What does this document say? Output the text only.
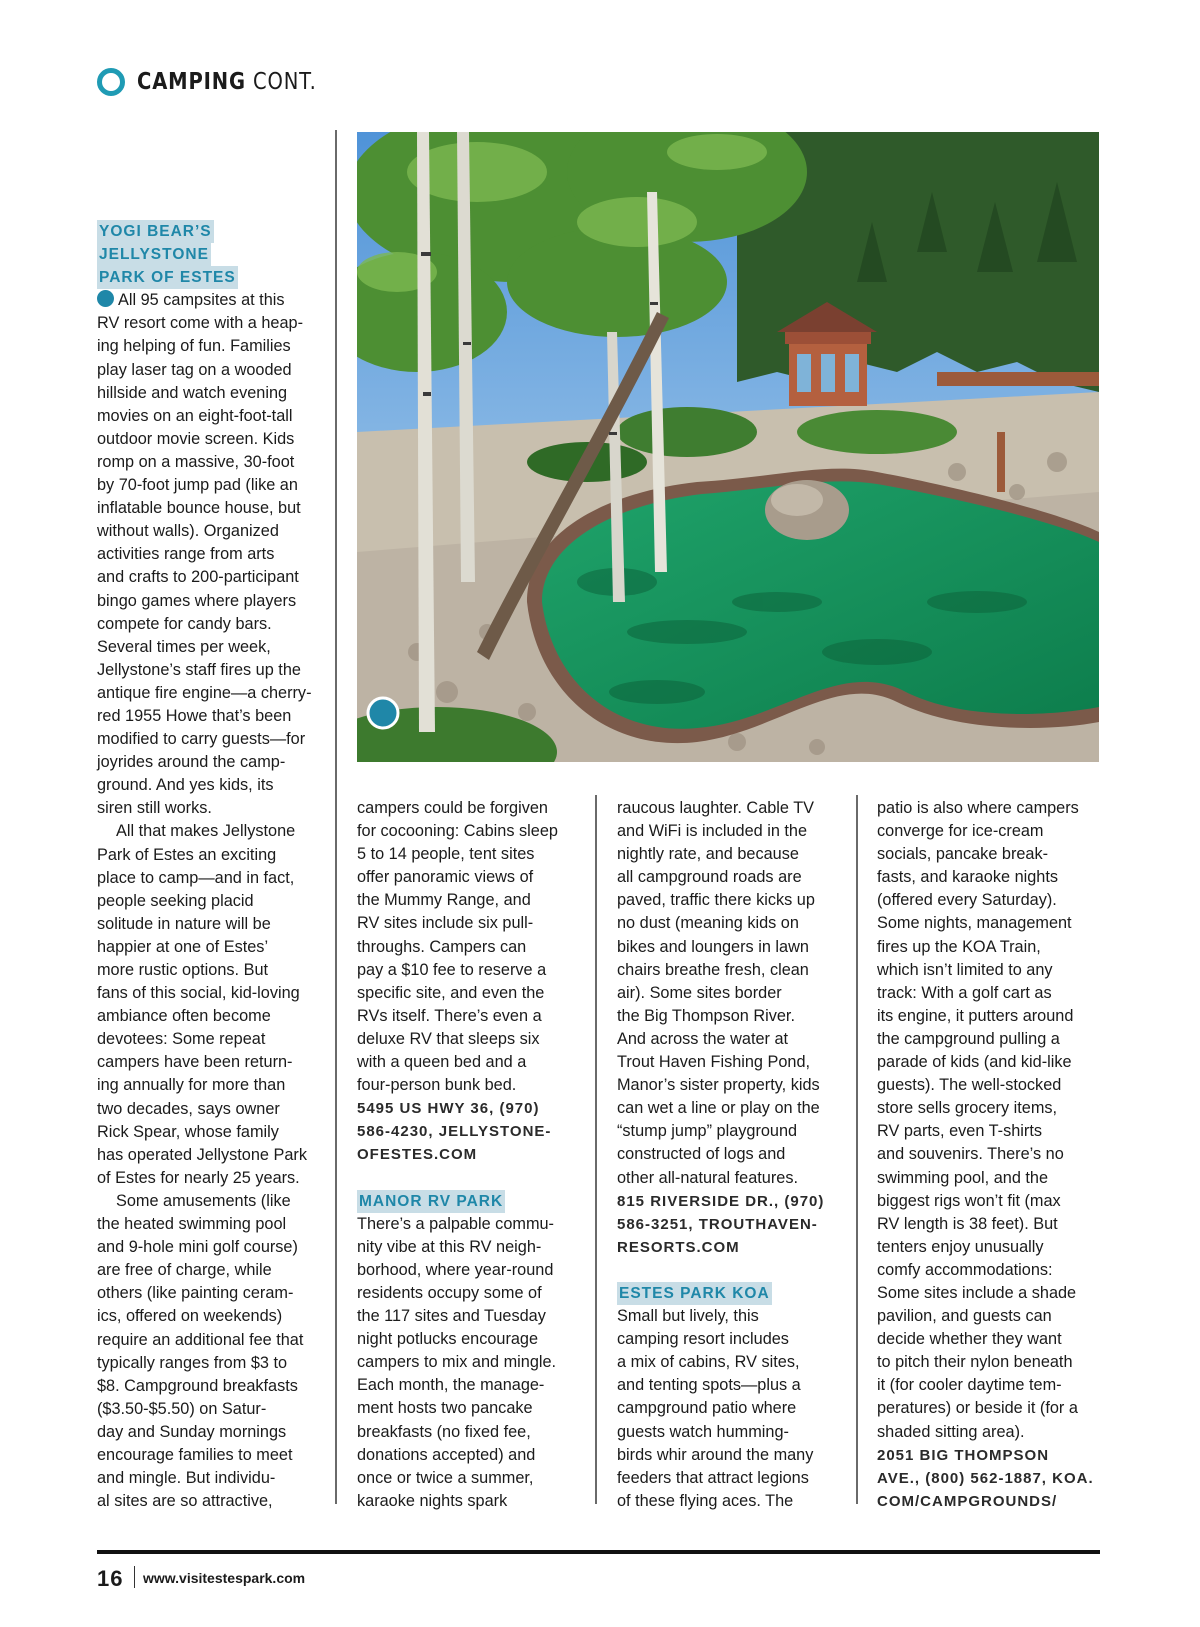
CAMPING CONT.
YOGI BEAR’S
JELLYSTONE
PARK OF ESTES
All 95 campsites at this
RV resort come with a heap-
ing helping of fun. Families
play laser tag on a wooded
hillside and watch evening
movies on an eight-foot-tall
outdoor movie screen. Kids
romp on a massive, 30-foot
by 70-foot jump pad (like an
inflatable bounce house, but
without walls). Organized
activities range from arts
and crafts to 200-participant
bingo games where players
compete for candy bars.
Several times per week,
Jellystone’s staff fires up the
antique fire engine—a cherry-
red 1955 Howe that’s been
modified to carry guests—for
joyrides around the camp-
ground. And yes kids, its
siren still works.
All that makes Jellystone
Park of Estes an exciting
place to camp—and in fact,
people seeking placid
solitude in nature will be
happier at one of Estes’
more rustic options. But
fans of this social, kid-loving
ambiance often become
devotees: Some repeat
campers have been return-
ing annually for more than
two decades, says owner
Rick Spear, whose family
has operated Jellystone Park
of Estes for nearly 25 years.
Some amusements (like
the heated swimming pool
and 9-hole mini golf course)
are free of charge, while
others (like painting ceram-
ics, offered on weekends)
require an additional fee that
typically ranges from $3 to
$8. Campground breakfasts
($3.50-$5.50) on Satur-
day and Sunday mornings
encourage families to meet
and mingle. But individu-
al sites are so attractive,
campers could be forgiven
for cocooning: Cabins sleep
5 to 14 people, tent sites
offer panoramic views of
the Mummy Range, and
RV sites include six pull-
throughs. Campers can
pay a $10 fee to reserve a
specific site, and even the
RVs itself. There’s even a
deluxe RV that sleeps six
with a queen bed and a
four-person bunk bed.
5495 US HWY 36, (970)
586-4230, JELLYSTONE-
OFESTES.COM
MANOR RV PARK
There’s a palpable commu-
nity vibe at this RV neigh-
borhood, where year-round
residents occupy some of
the 117 sites and Tuesday
night potlucks encourage
campers to mix and mingle.
Each month, the manage-
ment hosts two pancake
breakfasts (no fixed fee,
donations accepted) and
once or twice a summer,
karaoke nights spark
raucous laughter. Cable TV
and WiFi is included in the
nightly rate, and because
all campground roads are
paved, traffic there kicks up
no dust (meaning kids on
bikes and loungers in lawn
chairs breathe fresh, clean
air). Some sites border
the Big Thompson River.
And across the water at
Trout Haven Fishing Pond,
Manor’s sister property, kids
can wet a line or play on the
“stump jump” playground
constructed of logs and
other all-natural features.
815 RIVERSIDE DR., (970)
586-3251, TROUTHAVEN-
RESORTS.COM
ESTES PARK KOA
Small but lively, this
camping resort includes
a mix of cabins, RV sites,
and tenting spots—plus a
campground patio where
guests watch humming-
birds whir around the many
feeders that attract legions
of these flying aces. The
patio is also where campers
converge for ice-cream
socials, pancake break-
fasts, and karaoke nights
(offered every Saturday).
Some nights, management
fires up the KOA Train,
which isn’t limited to any
track: With a golf cart as
its engine, it putters around
the campground pulling a
parade of kids (and kid-like
guests). The well-stocked
store sells grocery items,
RV parts, even T-shirts
and souvenirs. There’s no
swimming pool, and the
biggest rigs won’t fit (max
RV length is 38 feet). But
tenters enjoy unusually
comfy accommodations:
Some sites include a shade
pavilion, and guests can
decide whether they want
to pitch their nylon beneath
it (for cooler daytime tem-
peratures) or beside it (for a
shaded sitting area).
2051 BIG THOMPSON
AVE., (800) 562-1887, KOA.
COM/CAMPGROUNDS/
16 www.visitestespark.com
